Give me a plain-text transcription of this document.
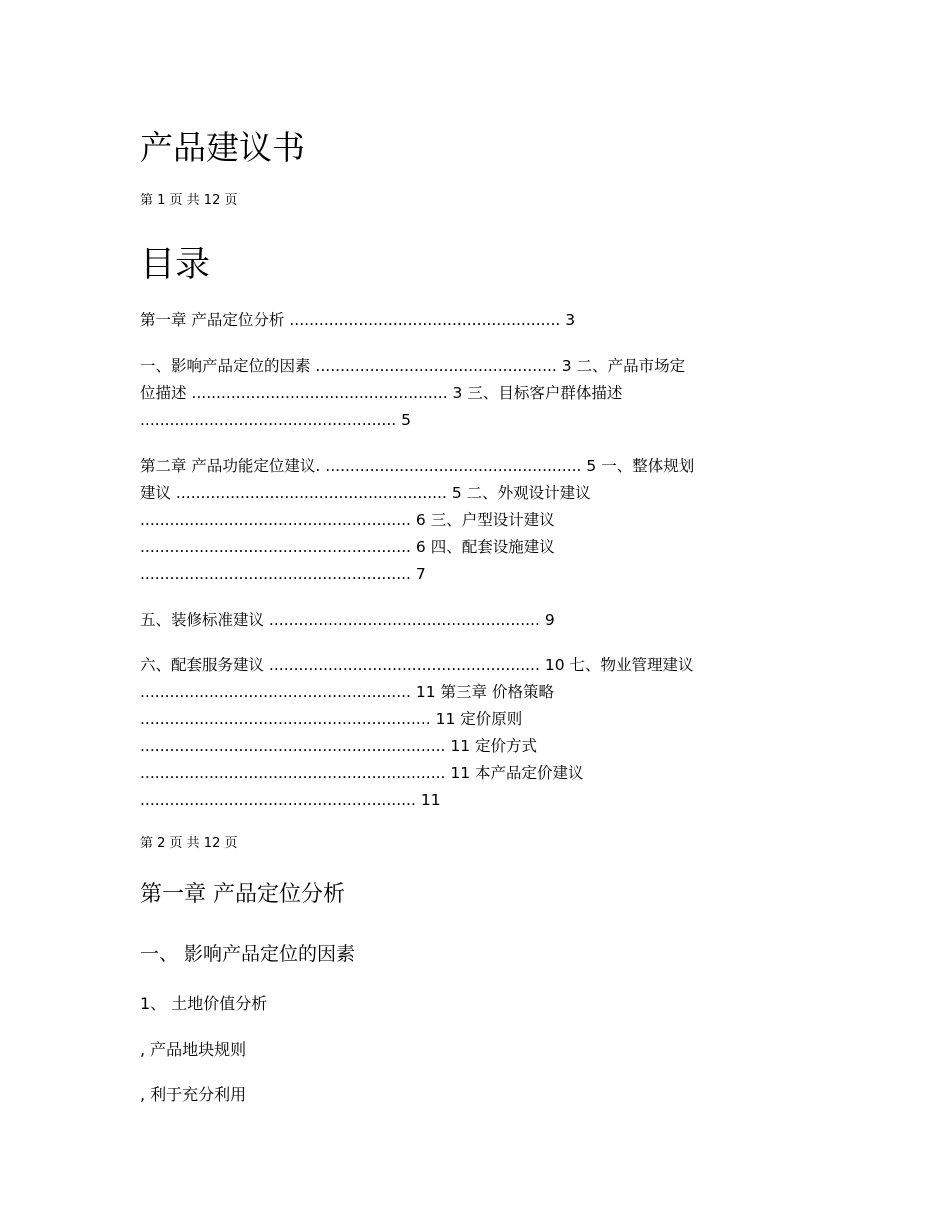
产品建议书
第 1 页 共 12 页
目录
第一章 产品定位分析 ....................................................... 3
一、影响产品定位的因素 ................................................. 3 二、产品市场定
位描述 .................................................... 3 三、目标客户群体描述
.................................................... 5
第二章 产品功能定位建议. .................................................... 5 一、整体规划
建议 ....................................................... 5 二、外观设计建议
....................................................... 6 三、户型设计建议
....................................................... 6 四、配套设施建议
....................................................... 7
五、装修标准建议 ....................................................... 9
六、配套服务建议 ....................................................... 10 七、物业管理建议
....................................................... 11 第三章 价格策略
........................................................... 11 定价原则
.............................................................. 11 定价方式
.............................................................. 11 本产品定价建议
........................................................ 11
第 2 页 共 12 页
第一章 产品定位分析
一、 影响产品定位的因素
1、 土地价值分析
, 产品地块规则
, 利于充分利用
